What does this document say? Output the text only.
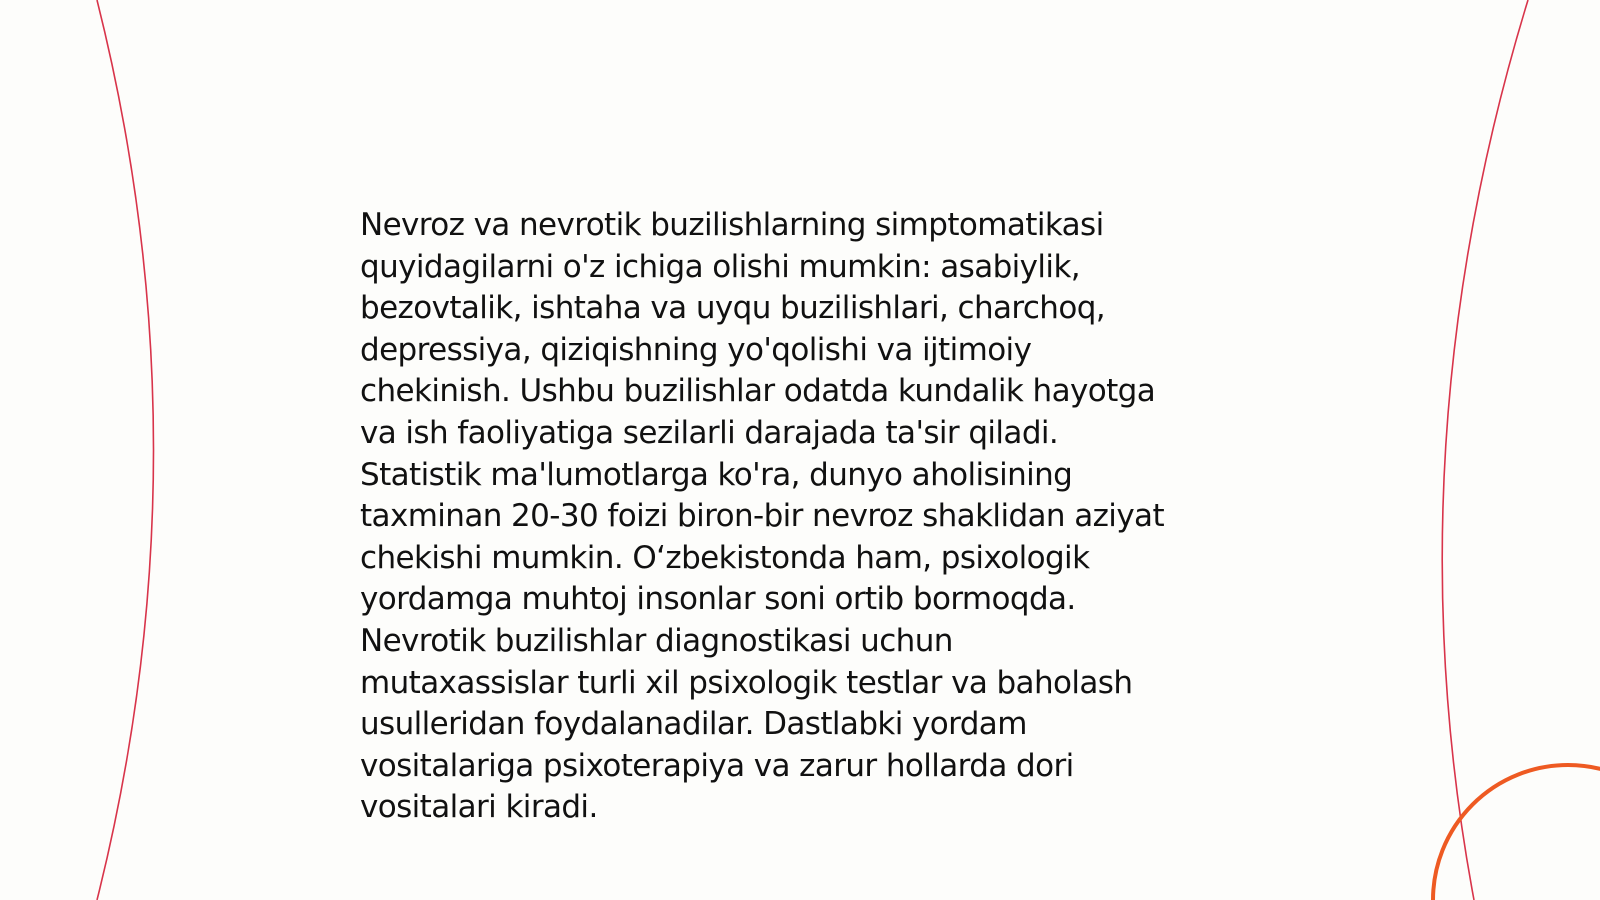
Nevroz va nevrotik buzilishlarning simptomatikasi
quyidagilarni o'z ichiga olishi mumkin: asabiylik,
bezovtalik, ishtaha va uyqu buzilishlari, charchoq,
depressiya, qiziqishning yo'qolishi va ijtimoiy
chekinish. Ushbu buzilishlar odatda kundalik hayotga
va ish faoliyatiga sezilarli darajada ta'sir qiladi.
Statistik ma'lumotlarga ko'ra, dunyo aholisining
taxminan 20-30 foizi biron-bir nevroz shaklidan aziyat
chekishi mumkin. O‘zbekistonda ham, psixologik
yordamga muhtoj insonlar soni ortib bormoqda.
Nevrotik buzilishlar diagnostikasi uchun
mutaxassislar turli xil psixologik testlar va baholash
usulleridan foydalanadilar. Dastlabki yordam
vositalariga psixoterapiya va zarur hollarda dori
vositalari kiradi.
